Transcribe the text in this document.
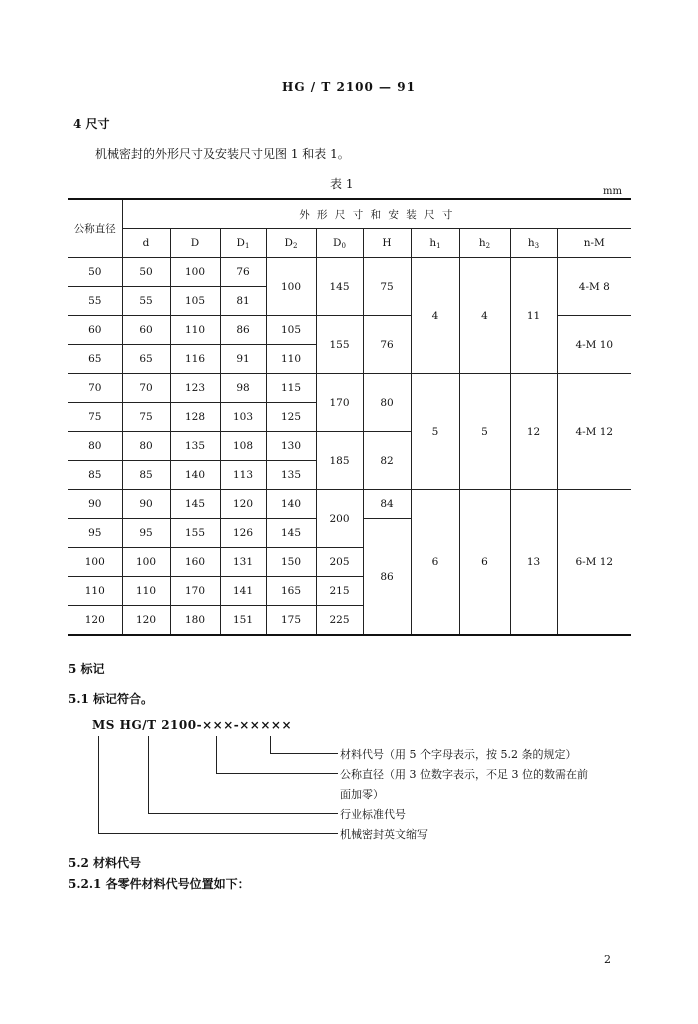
HG / T 2100 — 91
4 尺寸
机械密封的外形尺寸及安装尺寸见图 1 和表 1。
表 1
mm
公称直径	外 形 尺 寸 和 安 装 尺 寸									
	d	D	$D_1$	$D_2$	$D_0$	H	$h_1$	$h_2$	$h_3$	n-M
50	50	100	76	100	145	75	4	4	11	4-M 8
55	55	105	81							
60	60	110	86	105	155	76				4-M 10
65	65	116	91	110						
70	70	123	98	115	170	80	5	5	12	4-M 12
75	75	128	103	125						
80	80	135	108	130	185	82				
85	85	140	113	135						
90	90	145	120	140	200	84	6	6	13	6-M 12
95	95	155	126	145		86				
100	100	160	131	150	205					
110	110	170	141	165	215					
120	120	180	151	175	225					
5 标记
5.1 标记符合。
MS HG/T 2100-×××-×××××
材料代号（用 5 个字母表示，按 5.2 条的规定）
公称直径（用 3 位数字表示，不足 3 位的数需在前
面加零）
行业标准代号
机械密封英文缩写
5.2 材料代号
5.2.1 各零件材料代号位置如下：
2
